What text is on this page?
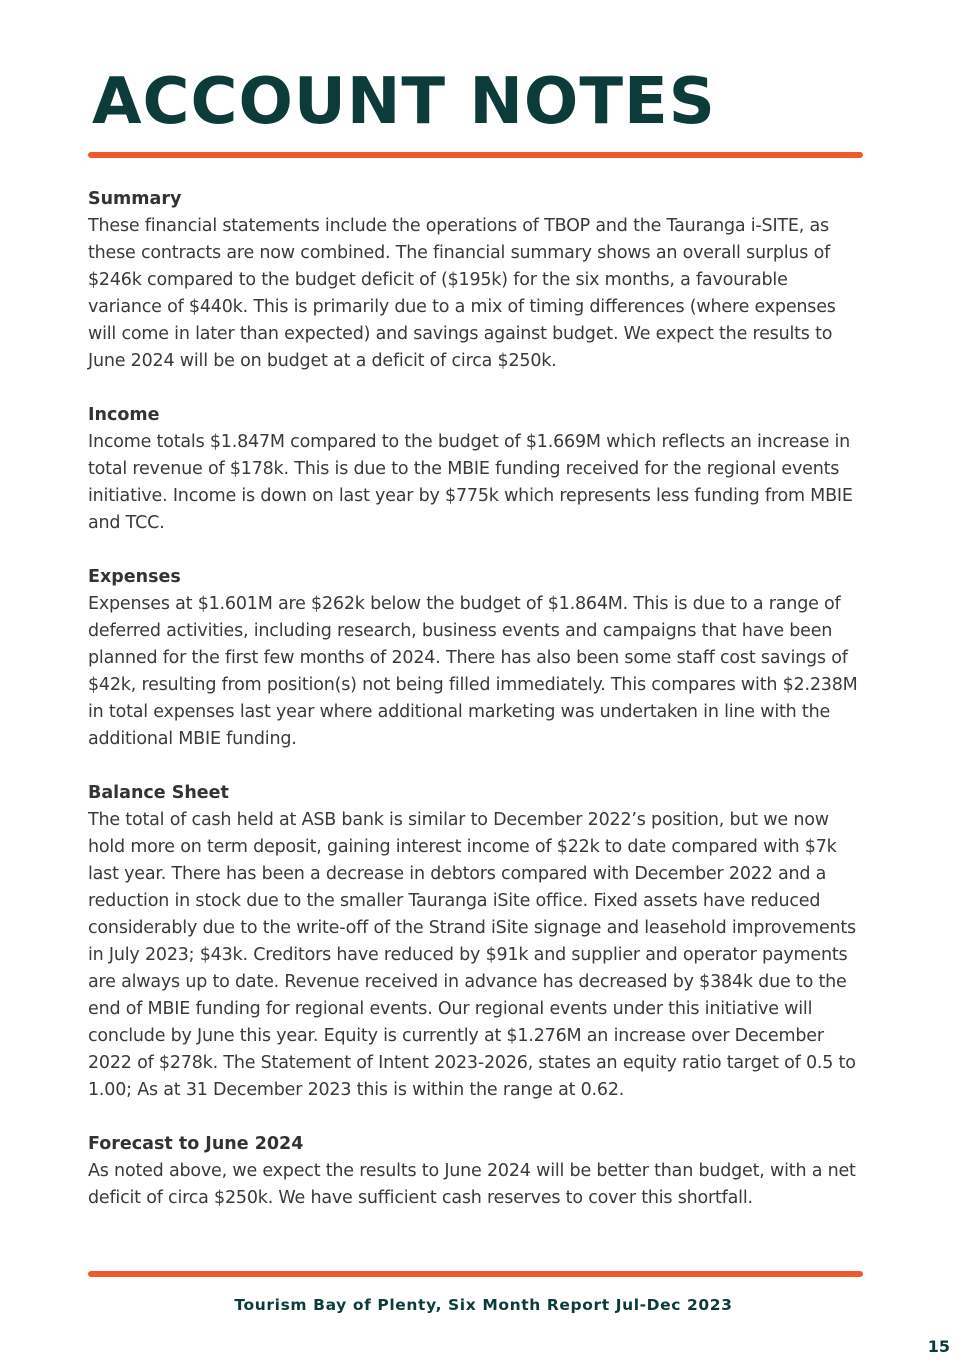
ACCOUNT NOTES

Summary

These financial statements include the operations of TBOP and the Tauranga i-SITE, as these contracts are now combined. The financial summary shows an overall surplus of $246k compared to the budget deficit of ($195k) for the six months, a favourable variance of $440k. This is primarily due to a mix of timing differences (where expenses will come in later than expected) and savings against budget. We expect the results to June 2024 will be on budget at a deficit of circa $250k.

Income

Income totals $1.847M compared to the budget of $1.669M which reflects an increase in total revenue of $178k. This is due to the MBIE funding received for the regional events initiative. Income is down on last year by $775k which represents less funding from MBIE and TCC.

Expenses

Expenses at $1.601M are $262k below the budget of $1.864M. This is due to a range of deferred activities, including research, business events and campaigns that have been planned for the first few months of 2024. There has also been some staff cost savings of $42k, resulting from position(s) not being filled immediately. This compares with $2.238M in total expenses last year where additional marketing was undertaken in line with the additional MBIE funding.

Balance Sheet

The total of cash held at ASB bank is similar to December 2022’s position, but we now hold more on term deposit, gaining interest income of $22k to date compared with $7k last year. There has been a decrease in debtors compared with December 2022 and a reduction in stock due to the smaller Tauranga iSite office. Fixed assets have reduced considerably due to the write-off of the Strand iSite signage and leasehold improvements in July 2023; $43k. Creditors have reduced by $91k and supplier and operator payments are always up to date. Revenue received in advance has decreased by $384k due to the end of MBIE funding for regional events. Our regional events under this initiative will conclude by June this year. Equity is currently at $1.276M an increase over December 2022 of $278k. The Statement of Intent 2023-2026, states an equity ratio target of 0.5 to 1.00; As at 31 December 2023 this is within the range at 0.62.

Forecast to June 2024

As noted above, we expect the results to June 2024 will be better than budget, with a net deficit of circa $250k. We have sufficient cash reserves to cover this shortfall.

Tourism Bay of Plenty, Six Month Report Jul-Dec 2023

15
